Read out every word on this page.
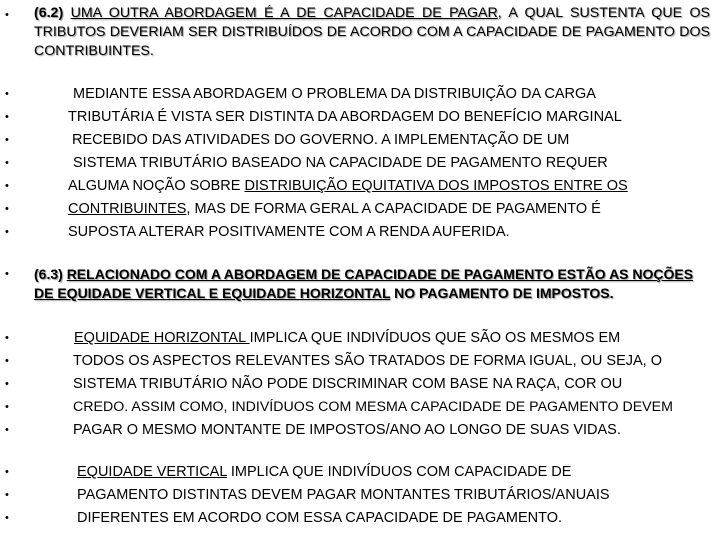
• (6.2) UMA OUTRA ABORDAGEM É A DE CAPACIDADE DE PAGAR, A QUAL SUSTENTA QUE OS TRIBUTOS DEVERIAM SER DISTRIBUÍDOS DE ACORDO COM A CAPACIDADE DE PAGAMENTO DOS CONTRIBUINTES.
•
•
•
•
•
•
•
MEDIANTE ESSA ABORDAGEM O PROBLEMA DA DISTRIBUIÇÃO DA CARGA
TRIBUTÁRIA É VISTA SER DISTINTA DA ABORDAGEM DO BENEFÍCIO MARGINAL
RECEBIDO DAS ATIVIDADES DO GOVERNO. A IMPLEMENTAÇÃO DE UM
SISTEMA TRIBUTÁRIO BASEADO NA CAPACIDADE DE PAGAMENTO REQUER
ALGUMA NOÇÃO SOBRE DISTRIBUIÇÃO EQUITATIVA DOS IMPOSTOS ENTRE OS
CONTRIBUINTES, MAS DE FORMA GERAL A CAPACIDADE DE PAGAMENTO É
SUPOSTA ALTERAR POSITIVAMENTE COM A RENDA AUFERIDA.
• (6.3) RELACIONADO COM A ABORDAGEM DE CAPACIDADE DE PAGAMENTO ESTÃO AS NOÇÕES
DE EQUIDADE VERTICAL E EQUIDADE HORIZONTAL NO PAGAMENTO DE IMPOSTOS.
•
•
•
•
•
EQUIDADE HORIZONTAL IMPLICA QUE INDIVÍDUOS QUE SÃO OS MESMOS EM
TODOS OS ASPECTOS RELEVANTES SÃO TRATADOS DE FORMA IGUAL, OU SEJA, O
SISTEMA TRIBUTÁRIO NÃO PODE DISCRIMINAR COM BASE NA RAÇA, COR OU
CREDO. ASSIM COMO, INDIVÍDUOS COM MESMA CAPACIDADE DE PAGAMENTO DEVEM
PAGAR O MESMO MONTANTE DE IMPOSTOS/ANO AO LONGO DE SUAS VIDAS.
•
•
•
EQUIDADE VERTICAL IMPLICA QUE INDIVÍDUOS COM CAPACIDADE DE
PAGAMENTO DISTINTAS DEVEM PAGAR MONTANTES TRIBUTÁRIOS/ANUAIS
DIFERENTES EM ACORDO COM ESSA CAPACIDADE DE PAGAMENTO.
